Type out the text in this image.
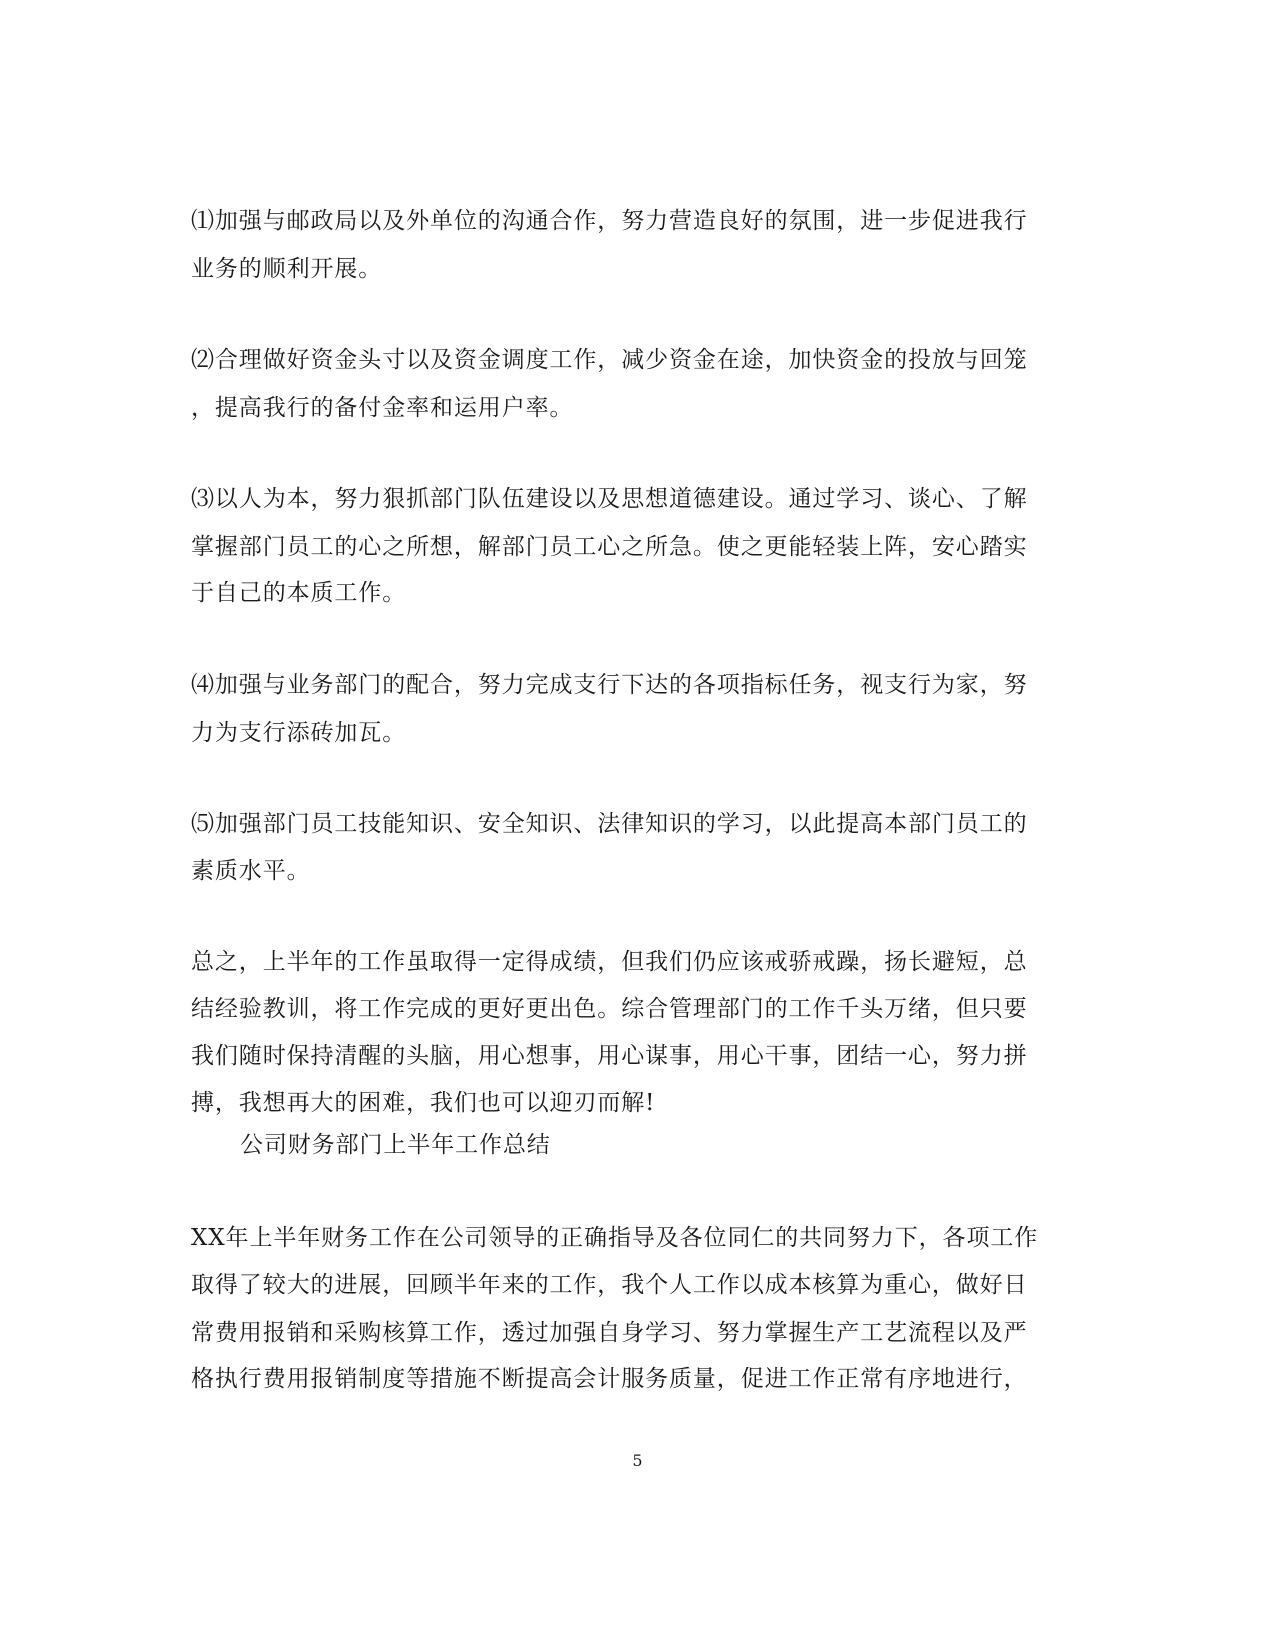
⑴加强与邮政局以及外单位的沟通合作，努力营造良好的氛围，进一步促进我行
业务的顺利开展。
⑵合理做好资金头寸以及资金调度工作，减少资金在途，加快资金的投放与回笼
，提高我行的备付金率和运用户率。
⑶以人为本，努力狠抓部门队伍建设以及思想道德建设。通过学习、谈心、了解
掌握部门员工的心之所想，解部门员工心之所急。使之更能轻装上阵，安心踏实
于自己的本质工作。
⑷加强与业务部门的配合，努力完成支行下达的各项指标任务，视支行为家，努
力为支行添砖加瓦。
⑸加强部门员工技能知识、安全知识、法律知识的学习，以此提高本部门员工的
素质水平。
总之，上半年的工作虽取得一定得成绩，但我们仍应该戒骄戒躁，扬长避短，总
结经验教训，将工作完成的更好更出色。综合管理部门的工作千头万绪，但只要
我们随时保持清醒的头脑，用心想事，用心谋事，用心干事，团结一心，努力拼
搏，我想再大的困难，我们也可以迎刃而解!
公司财务部门上半年工作总结
XX年上半年财务工作在公司领导的正确指导及各位同仁的共同努力下，各项工作
取得了较大的进展，回顾半年来的工作，我个人工作以成本核算为重心，做好日
常费用报销和采购核算工作，透过加强自身学习、努力掌握生产工艺流程以及严
格执行费用报销制度等措施不断提高会计服务质量，促进工作正常有序地进行，
5
